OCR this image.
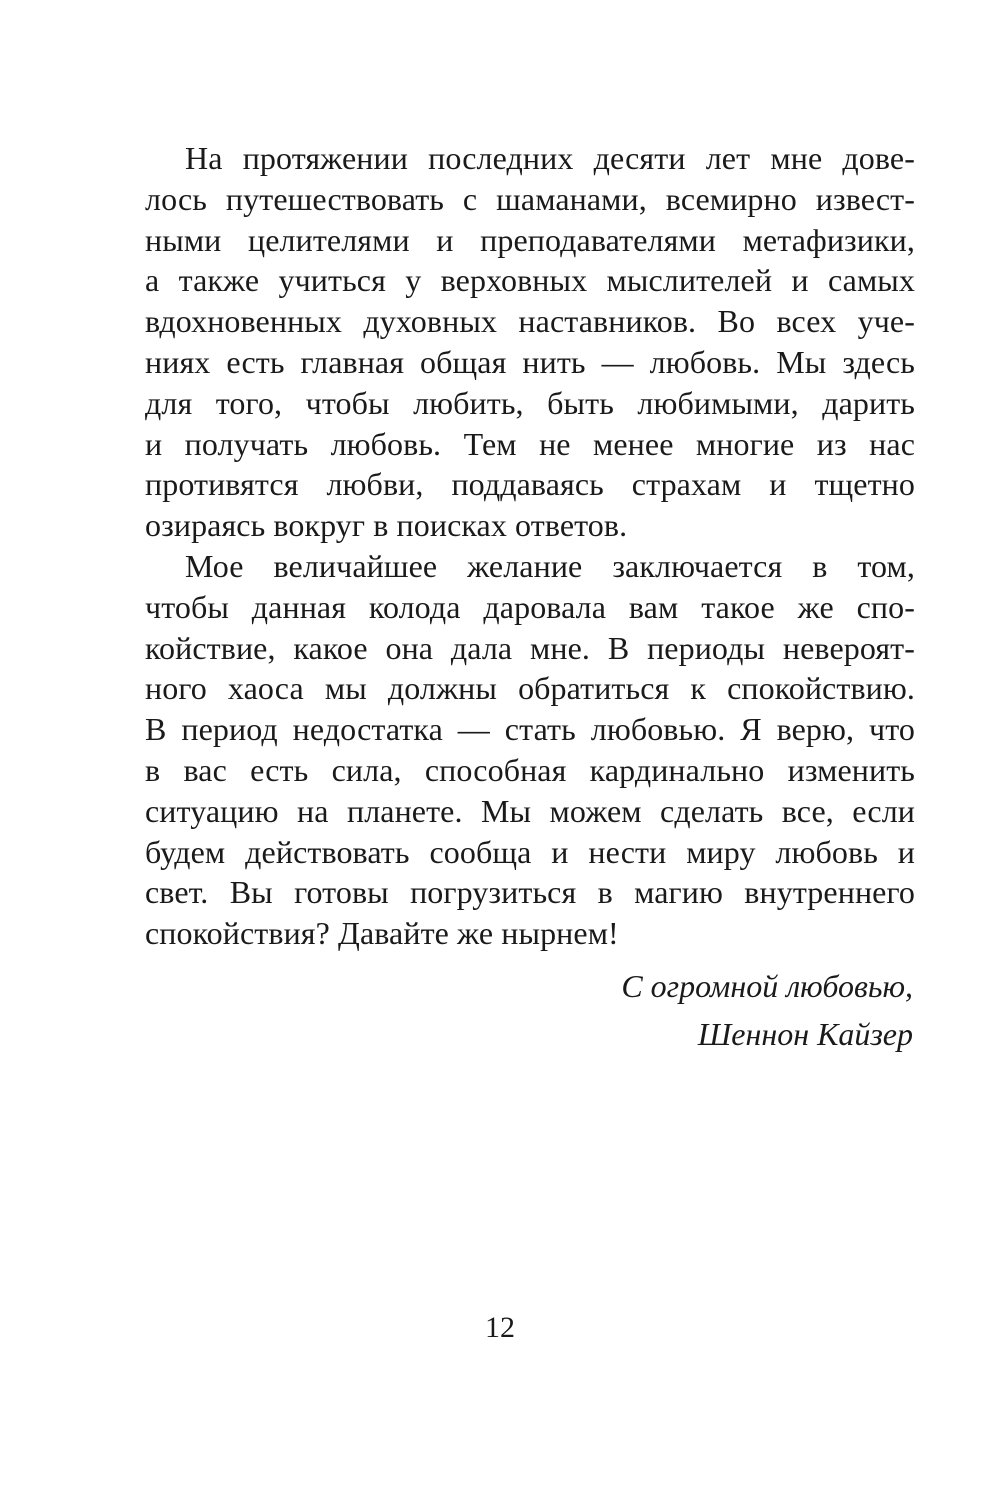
На протяжении последних десяти лет мне дове-
лось путешествовать с шаманами, всемирно извест-
ными целителями и преподавателями метафизики,
а также учиться у верховных мыслителей и самых
вдохновенных духовных наставников. Во всех уче-
ниях есть главная общая нить — любовь. Мы здесь
для того, чтобы любить, быть любимыми, дарить
и получать любовь. Тем не менее многие из нас
противятся любви, поддаваясь страхам и тщетно
озираясь вокруг в поисках ответов.
Мое величайшее желание заключается в том,
чтобы данная колода даровала вам такое же спо-
койствие, какое она дала мне. В периоды невероят-
ного хаоса мы должны обратиться к спокойствию.
В период недостатка — стать любовью. Я верю, что
в вас есть сила, способная кардинально изменить
ситуацию на планете. Мы можем сделать все, если
будем действовать сообща и нести миру любовь и
свет. Вы готовы погрузиться в магию внутреннего
спокойствия? Давайте же нырнем!
С огромной любовью,
Шеннон Кайзер
12
